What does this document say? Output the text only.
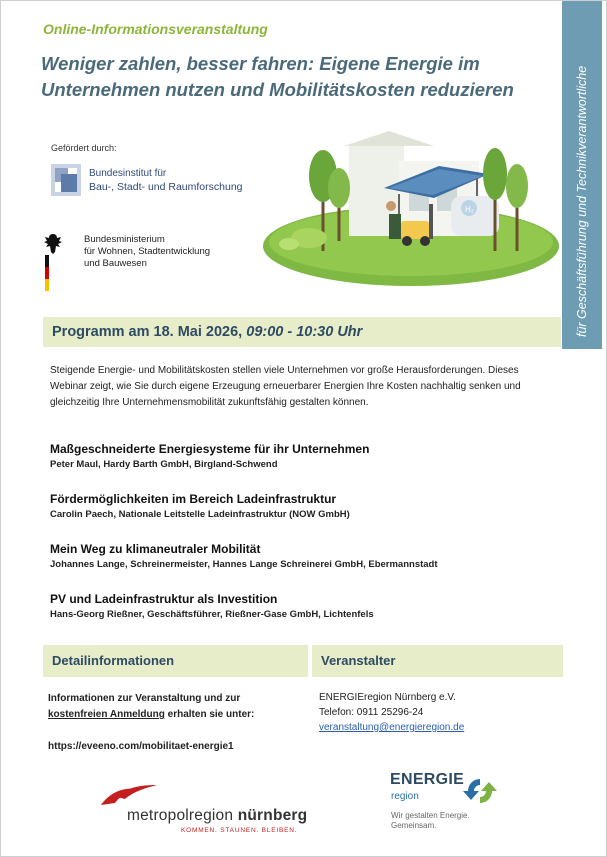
Online-Informationsveranstaltung
Weniger zahlen, besser fahren: Eigene Energie im Unternehmen nutzen und Mobilitätskosten reduzieren	für Geschäftsführung und Technikverantwortliche
Gefördert durch:
Bundesinstitut für
Bau-, Stadt- und Raumforschung
Bundesministerium
für Wohnen, Stadtentwicklung
und Bauwesen
H₂
Programm am 18. Mai 2026, 09:00 - 10:30 Uhr
Steigende Energie- und Mobilitätskosten stellen viele Unternehmen vor große Herausforderungen. Dieses Webinar zeigt, wie Sie durch eigene Erzeugung erneuerbarer Energien Ihre Kosten nachhaltig senken und gleichzeitig Ihre Unternehmensmobilität zukunftsfähig gestalten können.
Maßgeschneiderte Energiesysteme für ihr Unternehmen
Peter Maul, Hardy Barth GmbH, Birgland-Schwend
Fördermöglichkeiten im Bereich Ladeinfrastruktur
Carolin Paech, Nationale Leitstelle Ladeinfrastruktur (NOW GmbH)
Mein Weg zu klimaneutraler Mobilität
Johannes Lange, Schreinermeister, Hannes Lange Schreinerei GmbH, Ebermannstadt
PV und Ladeinfrastruktur als Investition
Hans-Georg Rießner, Geschäftsführer, Rießner-Gase GmbH, Lichtenfels
Detailinformationen	Veranstalter
Informationen zur Veranstaltung und zur
kostenfreien Anmeldung erhalten sie unter:
https://eveeno.com/mobilitaet-energie1
ENERGIEregion Nürnberg e.V.
Telefon: 0911 25296-24
veranstaltung@energieregion.de
metropolregion nürnberg
KOMMEN. STAUNEN. BLEIBEN.
ENERGIE
region
Wir gestalten Energie.
Gemeinsam.
